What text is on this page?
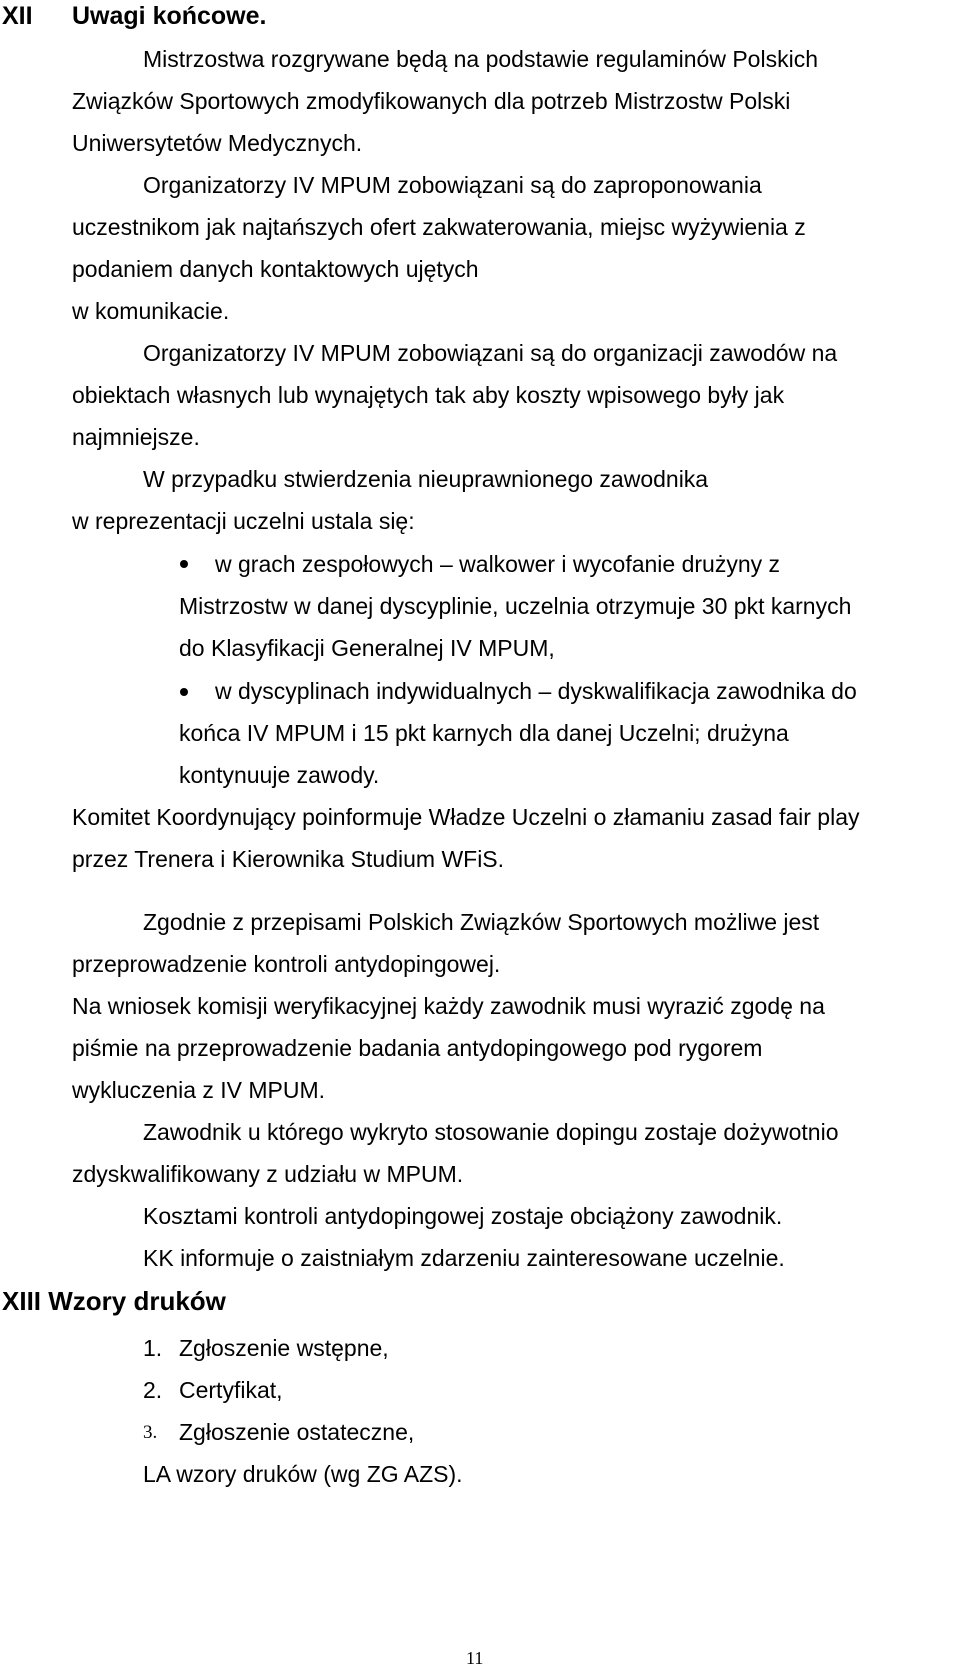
XII Uwagi końcowe.
Mistrzostwa rozgrywane będą na podstawie regulaminów Polskich
Związków Sportowych zmodyfikowanych dla potrzeb Mistrzostw Polski
Uniwersytetów Medycznych.
Organizatorzy IV MPUM zobowiązani są do zaproponowania
uczestnikom jak najtańszych ofert zakwaterowania, miejsc wyżywienia z
podaniem danych kontaktowych ujętych
w komunikacie.
Organizatorzy IV MPUM zobowiązani są do organizacji zawodów na
obiektach własnych lub wynajętych tak aby koszty wpisowego były jak
najmniejsze.
W przypadku stwierdzenia nieuprawnionego zawodnika
w reprezentacji uczelni ustala się:
w grach zespołowych – walkower i wycofanie drużyny z
Mistrzostw w danej dyscyplinie, uczelnia otrzymuje 30 pkt karnych
do Klasyfikacji Generalnej IV MPUM,
w dyscyplinach indywidualnych – dyskwalifikacja zawodnika do
końca IV MPUM i 15 pkt karnych dla danej Uczelni; drużyna
kontynuuje zawody.
Komitet Koordynujący poinformuje Władze Uczelni o złamaniu zasad fair play
przez Trenera i Kierownika Studium WFiS.
Zgodnie z przepisami Polskich Związków Sportowych możliwe jest
przeprowadzenie kontroli antydopingowej.
Na wniosek komisji weryfikacyjnej każdy zawodnik musi wyrazić zgodę na
piśmie na przeprowadzenie badania antydopingowego pod rygorem
wykluczenia z IV MPUM.
Zawodnik u którego wykryto stosowanie dopingu zostaje dożywotnio
zdyskwalifikowany z udziału w MPUM.
Kosztami kontroli antydopingowej zostaje obciążony zawodnik.
KK informuje o zaistniałym zdarzeniu zainteresowane uczelnie.
XIII Wzory druków
1. Zgłoszenie wstępne,
2. Certyfikat,
3. Zgłoszenie ostateczne,
LA wzory druków (wg ZG AZS).
11
